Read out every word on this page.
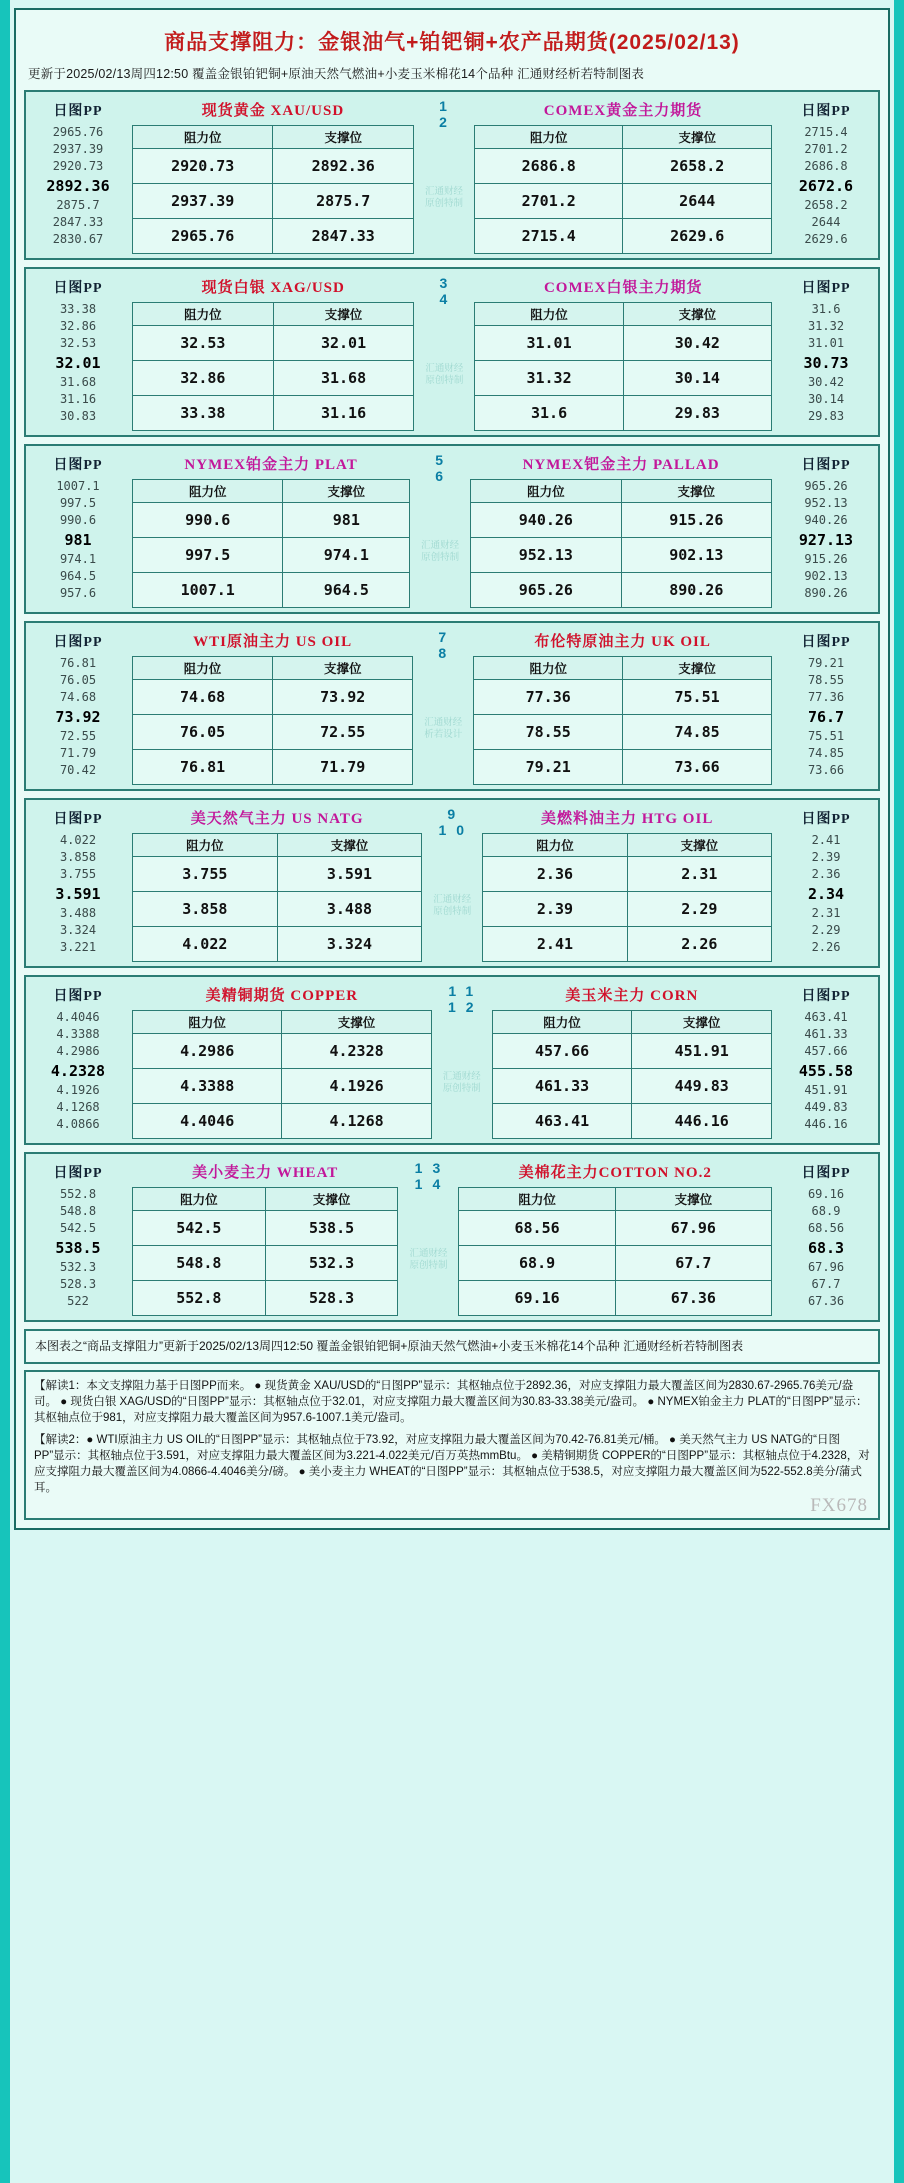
商品支撑阻力：金银油气+铂钯铜+农产品期货(2025/02/13)
更新于2025/02/13周四12:50 覆盖金银铂钯铜+原油天然气燃油+小麦玉米棉花14个品种 汇通财经析若特制图表
日图PP
2965.76
2937.39
2920.73
2892.36
2875.7
2847.33
2830.67
现货黄金 XAU/USD
阻力位	支撑位
2920.73	2892.36
2937.39	2875.7
2965.76	2847.33
1 2
汇通财经
原创特制
COMEX黄金主力期货
阻力位	支撑位
2686.8	2658.2
2701.2	2644
2715.4	2629.6
日图PP
2715.4
2701.2
2686.8
2672.6
2658.2
2644
2629.6
日图PP
33.38
32.86
32.53
32.01
31.68
31.16
30.83
现货白银 XAG/USD
阻力位	支撑位
32.53	32.01
32.86	31.68
33.38	31.16
3 4
汇通财经
原创特制
COMEX白银主力期货
阻力位	支撑位
31.01	30.42
31.32	30.14
31.6	29.83
日图PP
31.6
31.32
31.01
30.73
30.42
30.14
29.83
日图PP
1007.1
997.5
990.6
981
974.1
964.5
957.6
NYMEX铂金主力 PLAT
阻力位	支撑位
990.6	981
997.5	974.1
1007.1	964.5
5 6
汇通财经
原创特制
NYMEX钯金主力 PALLAD
阻力位	支撑位
940.26	915.26
952.13	902.13
965.26	890.26
日图PP
965.26
952.13
940.26
927.13
915.26
902.13
890.26
日图PP
76.81
76.05
74.68
73.92
72.55
71.79
70.42
WTI原油主力 US OIL
阻力位	支撑位
74.68	73.92
76.05	72.55
76.81	71.79
7 8
汇通财经
析若设计
布伦特原油主力 UK OIL
阻力位	支撑位
77.36	75.51
78.55	74.85
79.21	73.66
日图PP
79.21
78.55
77.36
76.7
75.51
74.85
73.66
日图PP
4.022
3.858
3.755
3.591
3.488
3.324
3.221
美天然气主力 US NATG
阻力位	支撑位
3.755	3.591
3.858	3.488
4.022	3.324
9 10
汇通财经
原创特制
美燃料油主力 HTG OIL
阻力位	支撑位
2.36	2.31
2.39	2.29
2.41	2.26
日图PP
2.41
2.39
2.36
2.34
2.31
2.29
2.26
日图PP
4.4046
4.3388
4.2986
4.2328
4.1926
4.1268
4.0866
美精铜期货 COPPER
阻力位	支撑位
4.2986	4.2328
4.3388	4.1926
4.4046	4.1268
11 12
汇通财经
原创特制
美玉米主力 CORN
阻力位	支撑位
457.66	451.91
461.33	449.83
463.41	446.16
日图PP
463.41
461.33
457.66
455.58
451.91
449.83
446.16
日图PP
552.8
548.8
542.5
538.5
532.3
528.3
522
美小麦主力 WHEAT
阻力位	支撑位
542.5	538.5
548.8	532.3
552.8	528.3
13 14
汇通财经
原创特制
美棉花主力COTTON NO.2
阻力位	支撑位
68.56	67.96
68.9	67.7
69.16	67.36
日图PP
69.16
68.9
68.56
68.3
67.96
67.7
67.36
本图表之“商品支撑阻力”更新于2025/02/13周四12:50 覆盖金银铂钯铜+原油天然气燃油+小麦玉米棉花14个品种 汇通财经析若特制图表

【解读1：本文支撑阻力基于日图PP而来。 ● 现货黄金 XAU/USD的“日图PP”显示：其枢轴点位于2892.36，对应支撑阻力最大覆盖区间为2830.67-2965.76美元/盎司。 ● 现货白银 XAG/USD的“日图PP”显示：其枢轴点位于32.01，对应支撑阻力最大覆盖区间为30.83-33.38美元/盎司。 ● NYMEX铂金主力 PLAT的“日图PP”显示：其枢轴点位于981，对应支撑阻力最大覆盖区间为957.6-1007.1美元/盎司。

【解读2：● WTI原油主力 US OIL的“日图PP”显示：其枢轴点位于73.92，对应支撑阻力最大覆盖区间为70.42-76.81美元/桶。 ● 美天然气主力 US NATG的“日图PP”显示：其枢轴点位于3.591，对应支撑阻力最大覆盖区间为3.221-4.022美元/百万英热mmBtu。 ● 美精铜期货 COPPER的“日图PP”显示：其枢轴点位于4.2328，对应支撑阻力最大覆盖区间为4.0866-4.4046美分/磅。 ● 美小麦主力 WHEAT的“日图PP”显示：其枢轴点位于538.5，对应支撑阻力最大覆盖区间为522-552.8美分/蒲式耳。

FX678
